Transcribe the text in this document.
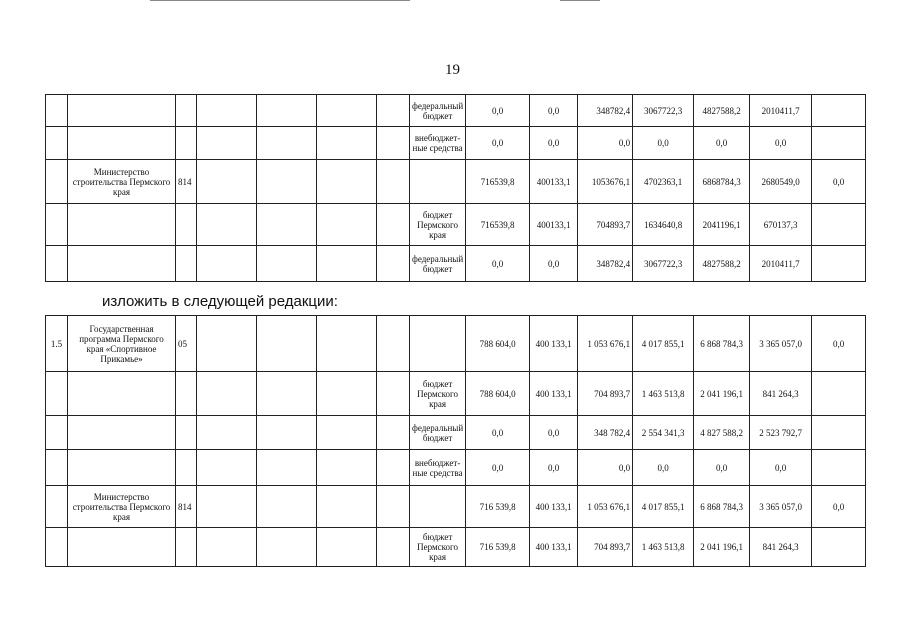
19
							федеральный бюджет	0,0	0,0	348782,4	3067722,3	4827588,2	2010411,7	
							внебюджет-ные средства	0,0	0,0	0,0	0,0	0,0	0,0	
	Министерство строительства Пермского края	814						716539,8	400133,1	1053676,1	4702363,1	6868784,3	2680549,0	0,0
							бюджет Пермского края	716539,8	400133,1	704893,7	1634640,8	2041196,1	670137,3	
							федеральный бюджет	0,0	0,0	348782,4	3067722,3	4827588,2	2010411,7	
изложить в следующей редакции:
1.5	Государственная программа Пермского края «Спортивное Прикамье»	05						788 604,0	400 133,1	1 053 676,1	4 017 855,1	6 868 784,3	3 365 057,0	0,0
							бюджет Пермского края	788 604,0	400 133,1	704 893,7	1 463 513,8	2 041 196,1	841 264,3	
							федеральный бюджет	0,0	0,0	348 782,4	2 554 341,3	4 827 588,2	2 523 792,7	
							внебюджет-ные средства	0,0	0,0	0,0	0,0	0,0	0,0	
	Министерство строительства Пермского края	814						716 539,8	400 133,1	1 053 676,1	4 017 855,1	6 868 784,3	3 365 057,0	0,0
							бюджет Пермского края	716 539,8	400 133,1	704 893,7	1 463 513,8	2 041 196,1	841 264,3	
